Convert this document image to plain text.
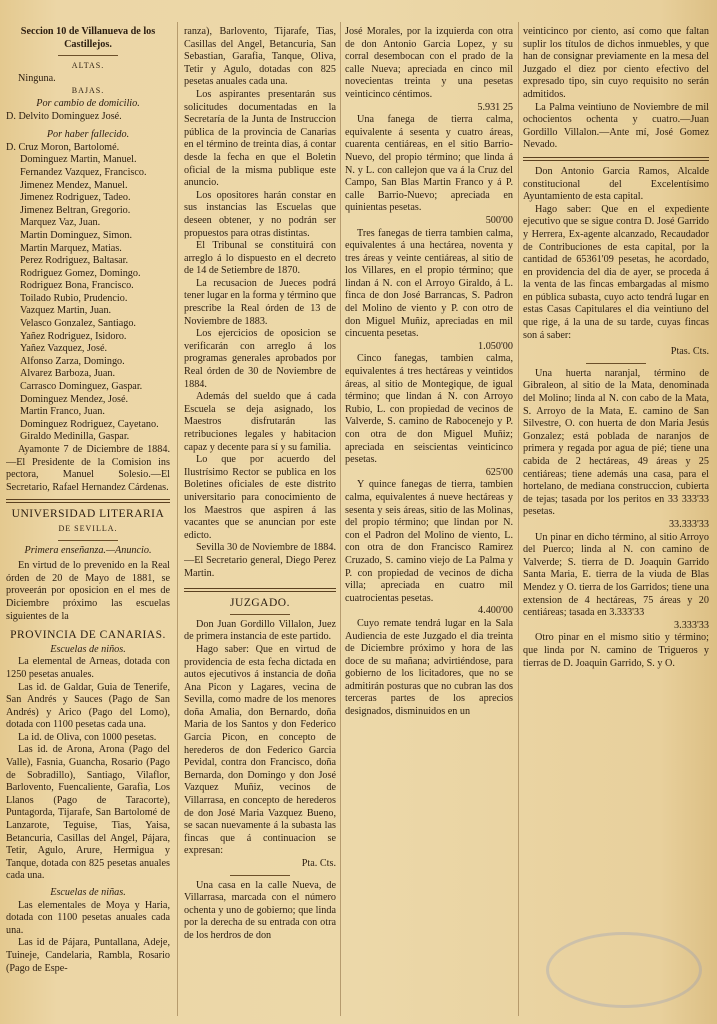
Seccion 10 de Villanueva de los Castillejos.

ALTAS.

Ninguna.

BAJAS.

Por cambio de domicilio.

D. Delvito Dominguez José.

Por haber fallecido.

D. Cruz Moron, Bartolomé.

Dominguez Martin, Manuel.

Fernandez Vazquez, Francisco.

Jimenez Mendez, Manuel.

Jimenez Rodriguez, Tadeo.

Jimenez Beltran, Gregorio.

Marquez Vaz, Juan.

Martin Dominguez, Simon.

Martin Marquez, Matias.

Perez Rodriguez, Baltasar.

Rodriguez Gomez, Domingo.

Rodriguez Bona, Francisco.

Toilado Rubio, Prudencio.

Vazquez Martin, Juan.

Velasco Gonzalez, Santiago.

Yañez Rodriguez, Isidoro.

Yañez Vazquez, José.

Alfonso Zarza, Domingo.

Alvarez Barboza, Juan.

Carrasco Dominguez, Gaspar.

Dominguez Mendez, José.

Martin Franco, Juan.

Dominguez Rodriguez, Cayetano.

Giraldo Medinilla, Gaspar.

Ayamonte 7 de Diciembre de 1884.—El Presidente de la Comision ins pectora, Manuel Solesio.—El Secretario, Rafael Hernandez Cárdenas.

UNIVERSIDAD LITERARIA

DE SEVILLA.

Primera enseñanza.—Anuncio.

En virtud de lo prevenido en la Real órden de 20 de Mayo de 1881, se proveerán por oposicion en el mes de Diciembre próximo las escuelas siguientes de la

PROVINCIA DE CANARIAS.

Escuelas de niños.

La elemental de Arneas, dotada con 1250 pesetas anuales.

Las id. de Galdar, Guia de Tenerife, San Andrés y Sauces (Pago de San Andrés) y Arico (Pago del Lomo), dotada con 1100 pesetas cada una.

La id. de Oliva, con 1000 pesetas.

Las id. de Arona, Arona (Pago del Valle), Fasnia, Guancha, Rosario (Pago de Sobradillo), Santiago, Vilaflor, Barlovento, Fuencaliente, Garafia, Los Llanos (Pago de Taracorte), Puntagorda, Tijarafe, San Bartolomé de Lanzarote, Teguise, Tias, Yaisa, Betancuria, Casillas del Angel, Pájara, Tetir, Agulo, Arure, Hermigua y Tanque, dotada con 825 pesetas anuales cada una.

Escuelas de niñas.

Las elementales de Moya y Haria, dotada con 1100 pesetas anuales cada una.

Las id de Pájara, Puntallana, Adeje, Tuineje, Candelaria, Rambla, Rosario (Pago de Espe-

ranza), Barlovento, Tijarafe, Tias, Casillas del Angel, Betancuria, San Sebastian, Garafia, Tanque, Oliva, Tetir y Agulo, dotadas con 825 pesetas anuales cada una.

Los aspirantes presentarán sus solicitudes documentadas en la Secretaría de la Junta de Instruccion pública de la provincia de Canarias en el término de treinta dias, á contar desde la fecha en que el Boletin oficial de la misma publique este anuncio.

Los opositores harán constar en sus instancias las Escuelas que deseen obtener, y no podrán ser propuestos para otras distintas.

El Tribunal se constituirá con arreglo á lo dispuesto en el decreto de 14 de Setiembre de 1870.

La recusacion de Jueces podrá tener lugar en la forma y término que prescribe la Real órden de 13 de Noviembre de 1883.

Los ejercicios de oposicion se verificarán con arreglo á los programas generales aprobados por Real órden de 30 de Noviembre de 1884.

Además del sueldo que á cada Escuela se deja asignado, los Maestros disfrutarán las retribuciones legales y habitacion capaz y decente para sí y su familia.

Lo que por acuerdo del Ilustrísimo Rector se publica en los Boletines oficiales de este distrito universitario para conocimiento de los Maestros que aspiren á las vacantes que se anuncian por este edicto.

Sevilla 30 de Noviembre de 1884.—El Secretario general, Diego Perez Martin.

JUZGADO.

Don Juan Gordillo Villalon, Juez de primera instancia de este partido.

Hago saber: Que en virtud de providencia de esta fecha dictada en autos ejecutivos á instancia de doña Ana Picon y Lagares, vecina de Sevilla, como madre de los menores doña Amalia, don Bernardo, doña Maria de los Santos y don Federico Garcia Picon, en concepto de herederos de don Federico Garcia Pevidal, contra don Francisco, doña Bernarda, don Domingo y don José Vazquez Muñiz, vecinos de Villarrasa, en concepto de herederos de don José Maria Vazquez Bueno, se sacan nuevamente á la subasta las fincas que á continuacion se expresan:

Pta. Cts.

Una casa en la calle Nueva, de Villarrasa, marcada con el número ochenta y uno de gobierno; que linda por la derecha de su entrada con otra de los herdros de don

José Morales, por la izquierda con otra de don Antonio Garcia Lopez, y su corral desembocan con el prado de la calle Nueva; apreciada en cinco mil novecientas treinta y una pesetas veinticinco céntimos.

5.931 25

Una fanega de tierra calma, equivalente á sesenta y cuatro áreas, cuarenta centiáreas, en el sitio Barrio-Nuevo, del propio término; que linda á N. y L. con callejon que va á la Cruz del Campo, San Blas Martin Franco y á P. calle Barrio-Nuevo; apreciada en quinientas pesetas.

500'00

Tres fanegas de tierra tambien calma, equivalentes á una hectárea, noventa y tres áreas y veinte centiáreas, al sitio de los Villares, en el propio término; que lindan á N. con el Arroyo Giraldo, á L. finca de don José Barrancas, S. Padron del Molino de viento y P. con otro de don Miguel Muñiz, apreciadas en mil cincuenta pesetas.

1.050'00

Cinco fanegas, tambien calma, equivalentes á tres hectáreas y veintidos áreas, al sitio de Montegique, de igual término; que lindan á N. con Arroyo Rubio, L. con propiedad de vecinos de Valverde, S. camino de Rabocenejo y P. con otra de don Miguel Muñiz; apreciada en seiscientas veinticinco pesetas.

625'00

Y quince fanegas de tierra, tambien calma, equivalentes á nueve hectáreas y sesenta y seis áreas, sitio de las Molinas, del propio término; que lindan por N. con el Padron del Molino de viento, L. con otra de don Francisco Ramirez Cruzado, S. camino viejo de La Palma y P. con propiedad de vecinos de dicha villa; apreciada en cuatro mil cuatrocientas pesetas.

4.400'00

Cuyo remate tendrá lugar en la Sala Audiencia de este Juzgado el dia treinta de Diciembre próximo y hora de las doce de su mañana; advirtiéndose, para gobierno de los licitadores, que no se admitirán posturas que no cubran las dos terceras partes de los aprecios designados, disminuidos en un

veinticinco por ciento, así como que faltan suplir los títulos de dichos inmuebles, y que han de consignar previamente en la mesa del Juzgado el diez por ciento efectivo del expresado tipo, sin cuyo requisito no serán admitidos.

La Palma veintiuno de Noviembre de mil ochocientos ochenta y cuatro.—Juan Gordillo Villalon.—Ante mí, José Gomez Nevado.

Don Antonio Garcia Ramos, Alcalde constitucional del Excelentísimo Ayuntamiento de esta capital.

Hago saber: Que en el expediente ejecutivo que se sigue contra D. José Garrido y Herrera, Ex-agente alcanzado, Recaudador de Contribuciones de esta capital, por la cantidad de 65361'09 pesetas, he acordado, en providencia del dia de ayer, se proceda á la venta de las fincas embargadas al mismo en pública subasta, cuyo acto tendrá lugar en estas Casas Capitulares el dia veintiuno del que rige, á la una de su tarde, cuyas fincas son á saber:

Ptas. Cts.

Una huerta naranjal, término de Gibraleon, al sitio de la Mata, denominada del Molino; linda al N. con cabo de la Mata, S. Arroyo de la Mata, E. camino de San Silvestre, O. con huerta de don Maria Jesús Gonzalez; está poblada de naranjos de primera y regada por agua de pié; tiene una cabida de 2 hectáreas, 49 áreas y 25 centiáreas; tiene además una casa, para el hortelano, de mediana construccion, cubierta de tejas; tasada por los peritos en 33 333'33 pesetas.

33.333'33

Un pinar en dicho término, al sitio Arroyo del Puerco; linda al N. con camino de Valverde; S. tierra de D. Joaquin Garrido Santa Maria, E. tierra de la viuda de Blas Mendez y O. tierra de los Garridos; tiene una extension de 4 hectáreas, 75 áreas y 20 centiáreas; tasada en 3.333'33

3.333'33

Otro pinar en el mismo sitio y término; que linda por N. camino de Trigueros y tierras de D. Joaquin Garrido, S. y O.
